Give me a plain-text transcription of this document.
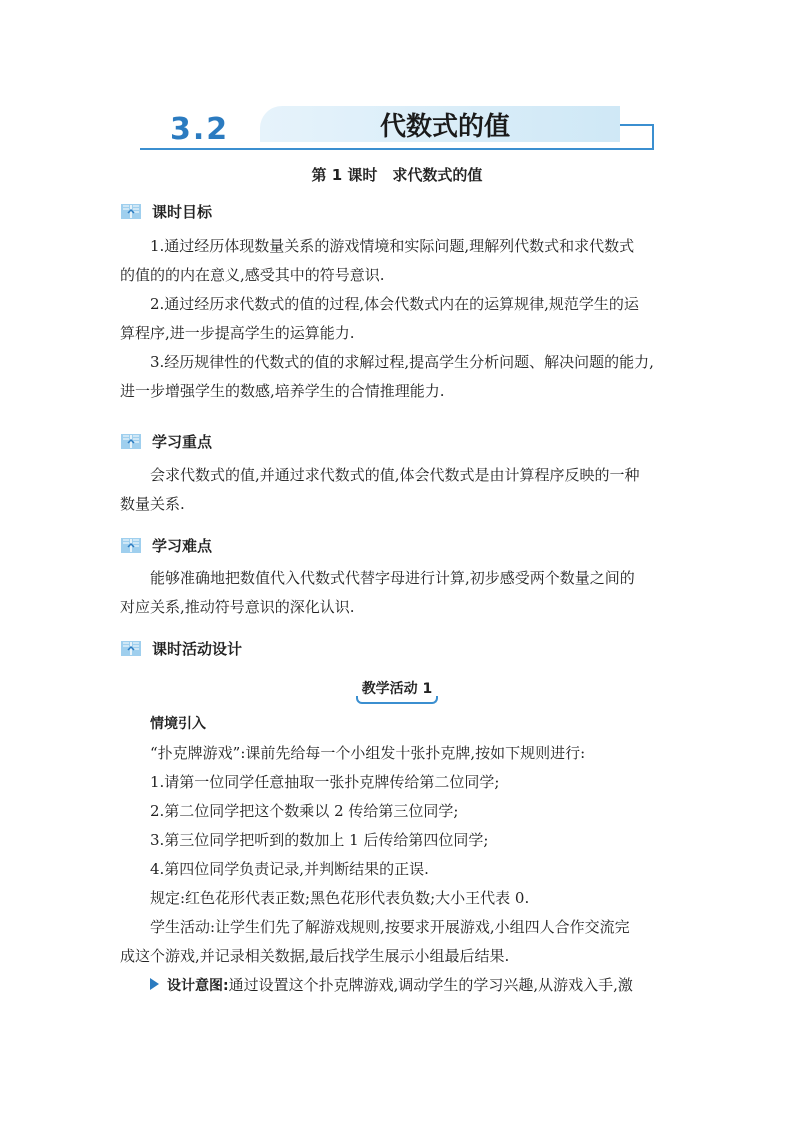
3.2	代数式的值
第 1 课时　求代数式的值
课时目标
1.通过经历体现数量关系的游戏情境和实际问题,理解列代数式和求代数式
的值的的内在意义,感受其中的符号意识.
2.通过经历求代数式的值的过程,体会代数式内在的运算规律,规范学生的运
算程序,进一步提高学生的运算能力.
3.经历规律性的代数式的值的求解过程,提高学生分析问题、解决问题的能力,
进一步增强学生的数感,培养学生的合情推理能力.
学习重点
会求代数式的值,并通过求代数式的值,体会代数式是由计算程序反映的一种
数量关系.
学习难点
能够准确地把数值代入代数式代替字母进行计算,初步感受两个数量之间的
对应关系,推动符号意识的深化认识.
课时活动设计
教学活动 1
情境引入
“扑克牌游戏”:课前先给每一个小组发十张扑克牌,按如下规则进行:
1.请第一位同学任意抽取一张扑克牌传给第二位同学;
2.第二位同学把这个数乘以 2 传给第三位同学;
3.第三位同学把听到的数加上 1 后传给第四位同学;
4.第四位同学负责记录,并判断结果的正误.
规定:红色花形代表正数;黑色花形代表负数;大小王代表 0.
学生活动:让学生们先了解游戏规则,按要求开展游戏,小组四人合作交流完
成这个游戏,并记录相关数据,最后找学生展示小组最后结果.
设计意图:通过设置这个扑克牌游戏,调动学生的学习兴趣,从游戏入手,激
